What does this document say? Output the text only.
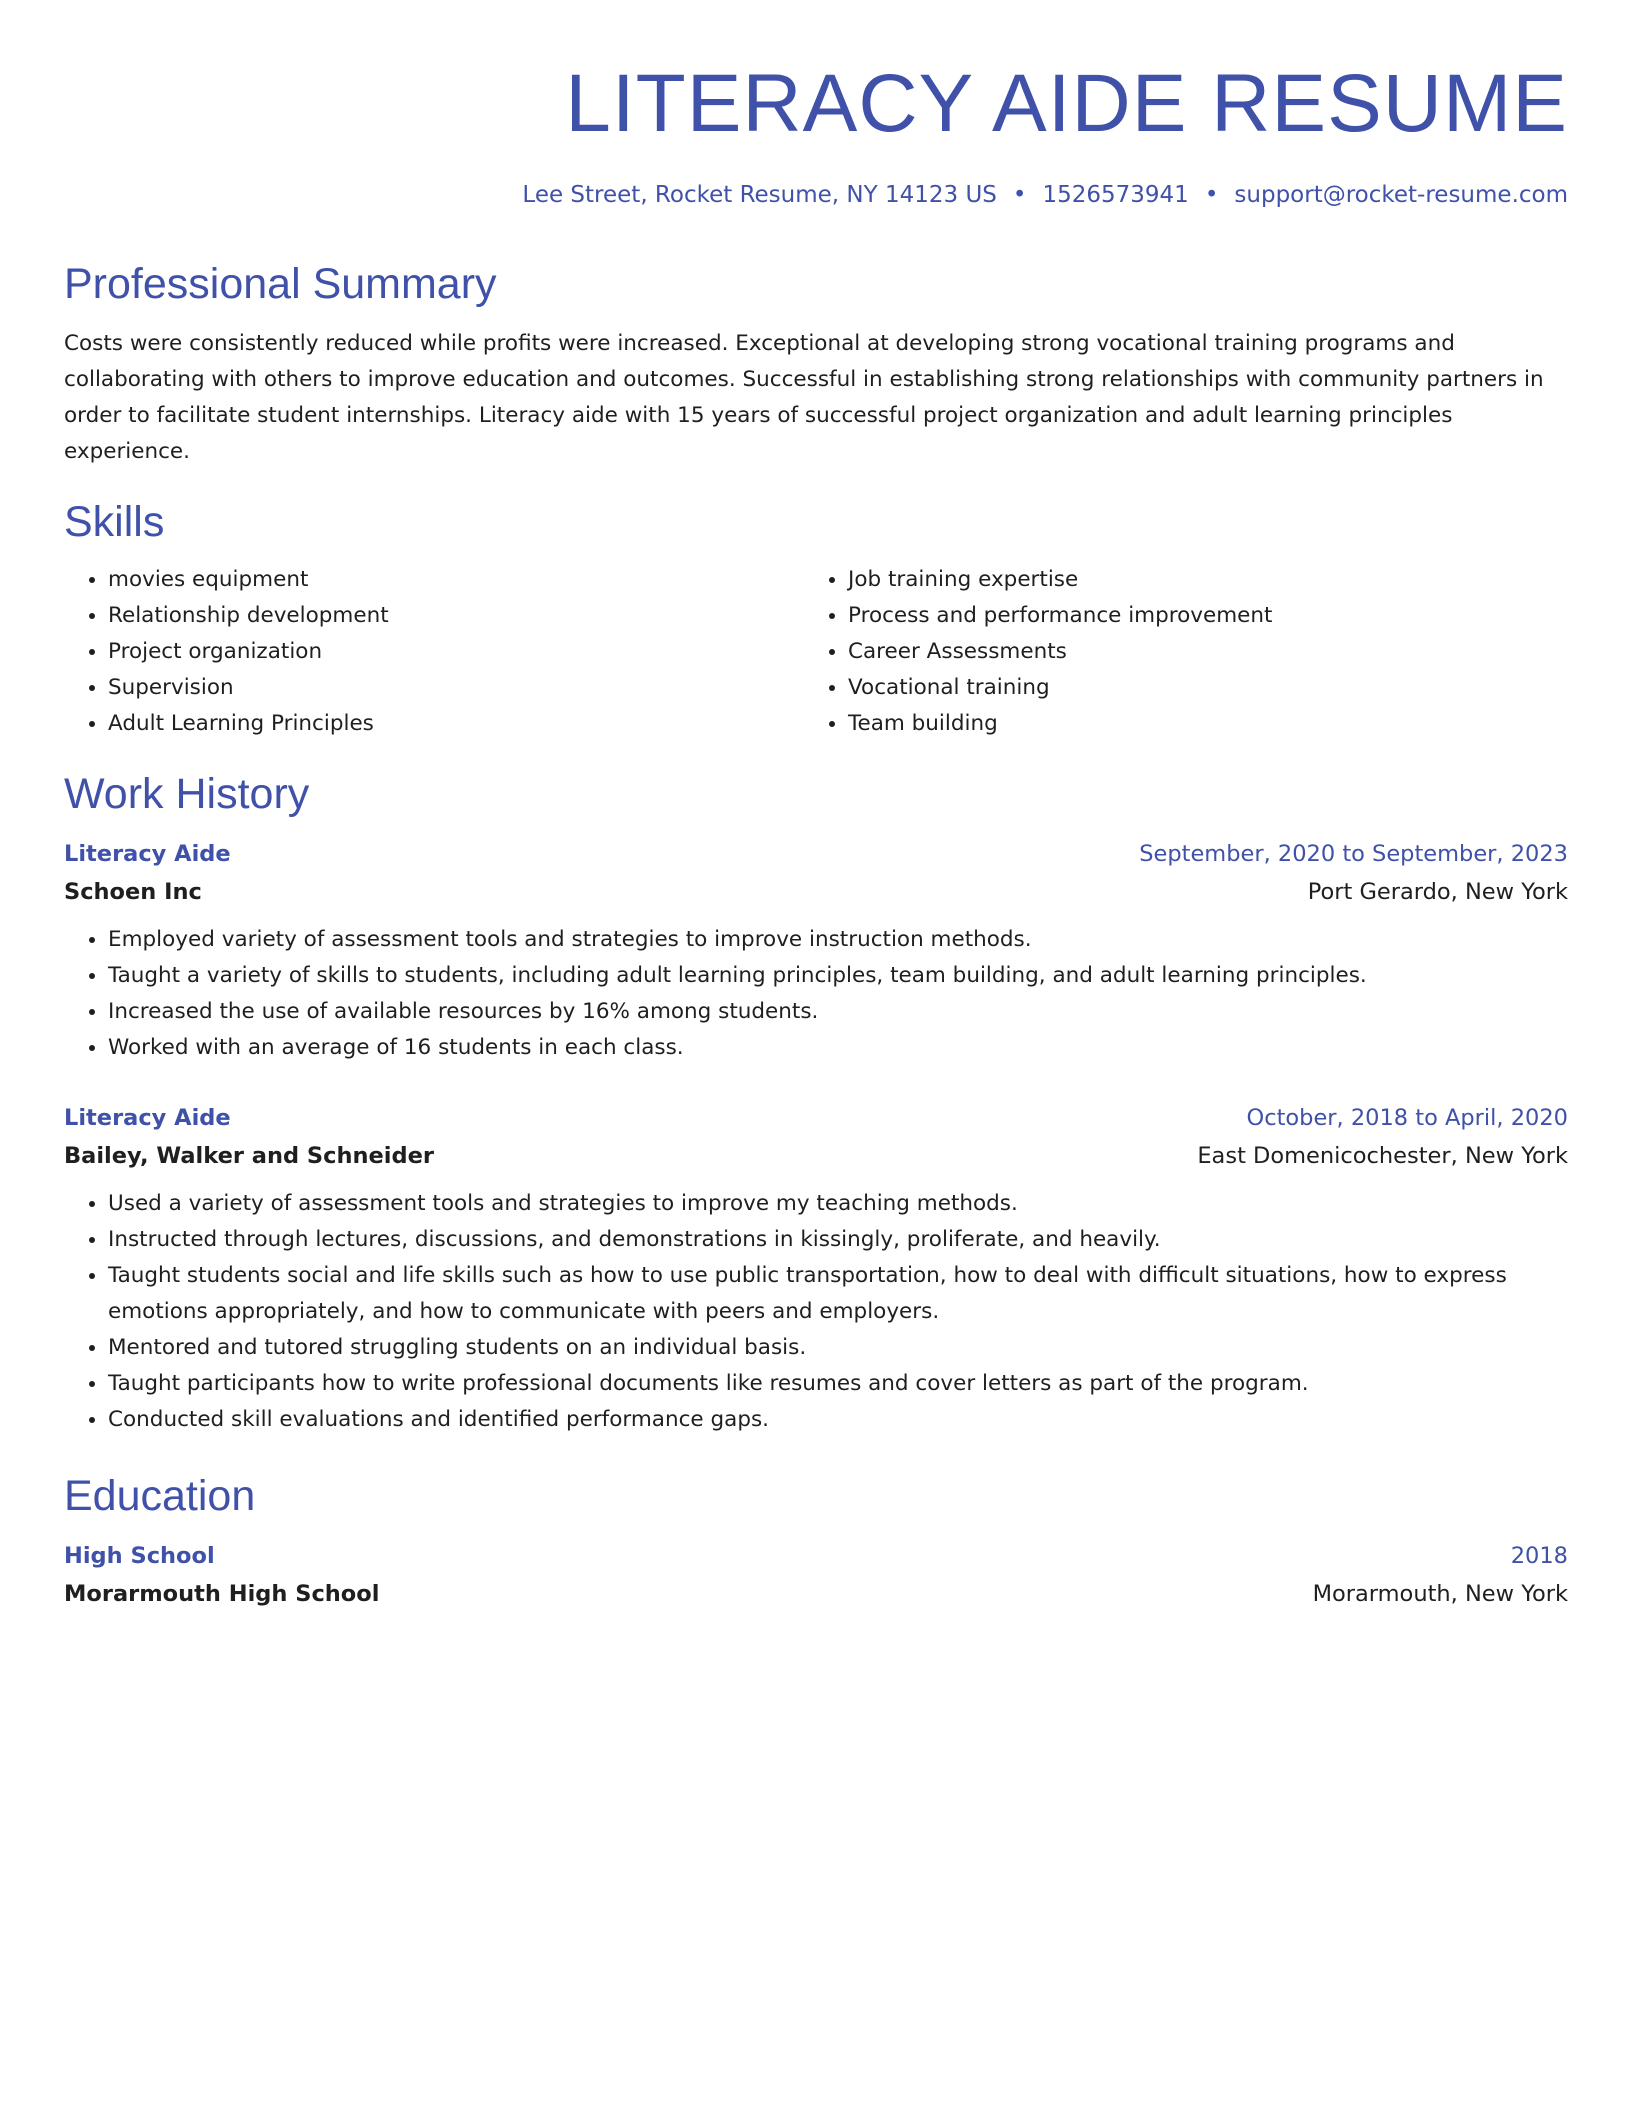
LITERACY AIDE RESUME
Lee Street, Rocket Resume, NY 14123 US • 1526573941 • support@rocket-resume.com
Professional Summary

Costs were consistently reduced while profits were increased. Exceptional at developing strong vocational training programs and collaborating with others to improve education and outcomes. Successful in establishing strong relationships with community partners in order to facilitate student internships. Literacy aide with 15 years of successful project organization and adult learning principles experience.

Skills
• movies equipment
• Relationship development
• Project organization
• Supervision
• Adult Learning Principles
• Job training expertise
• Process and performance improvement
• Career Assessments
• Vocational training
• Team building
Work History
Literacy Aide	September, 2020 to September, 2023
Schoen Inc	Port Gerardo, New York
• Employed variety of assessment tools and strategies to improve instruction methods.
• Taught a variety of skills to students, including adult learning principles, team building, and adult learning principles.
• Increased the use of available resources by 16% among students.
• Worked with an average of 16 students in each class.
Literacy Aide	October, 2018 to April, 2020
Bailey, Walker and Schneider	East Domenicochester, New York
• Used a variety of assessment tools and strategies to improve my teaching methods.
• Instructed through lectures, discussions, and demonstrations in kissingly, proliferate, and heavily.
• Taught students social and life skills such as how to use public transportation, how to deal with difficult situations, how to express emotions appropriately, and how to communicate with peers and employers.
• Mentored and tutored struggling students on an individual basis.
• Taught participants how to write professional documents like resumes and cover letters as part of the program.
• Conducted skill evaluations and identified performance gaps.
Education
High School	2018
Morarmouth High School	Morarmouth, New York
